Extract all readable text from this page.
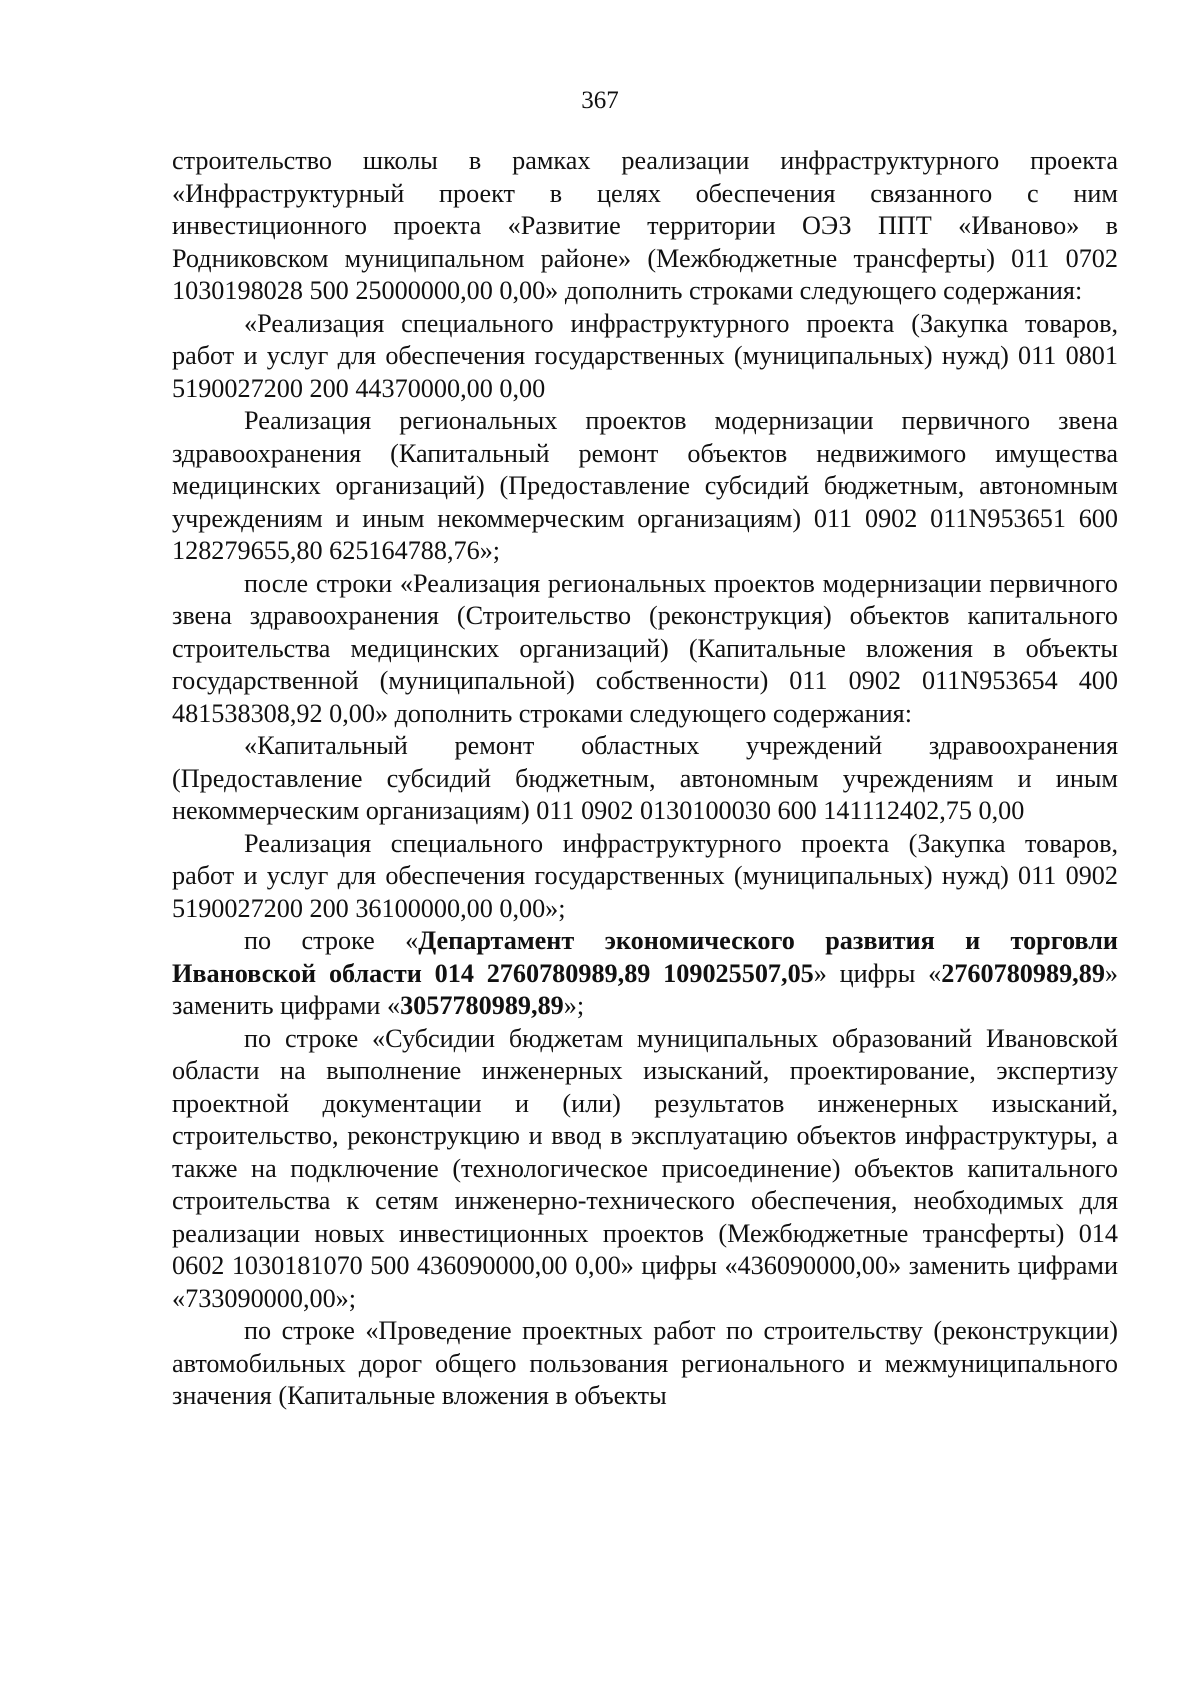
367

строительство школы в рамках реализации инфраструктурного проекта «Инфраструктурный проект в целях обеспечения связанного с ним инвестиционного проекта «Развитие территории ОЭЗ ППТ «Иваново» в Родниковском муниципальном районе» (Межбюджетные трансферты) 011 0702 1030198028 500 25000000,00 0,00» дополнить строками следующего содержания:

«Реализация специального инфраструктурного проекта (Закупка товаров, работ и услуг для обеспечения государственных (муниципальных) нужд) 011 0801 5190027200 200 44370000,00 0,00

Реализация региональных проектов модернизации первичного звена здравоохранения (Капитальный ремонт объектов недвижимого имущества медицинских организаций) (Предоставление субсидий бюджетным, автономным учреждениям и иным некоммерческим организациям) 011 0902 011N953651 600 128279655,80 625164788,76»;

после строки «Реализация региональных проектов модернизации первичного звена здравоохранения (Строительство (реконструкция) объектов капитального строительства медицинских организаций) (Капитальные вложения в объекты государственной (муниципальной) собственности) 011 0902 011N953654 400 481538308,92 0,00» дополнить строками следующего содержания:

«Капитальный ремонт областных учреждений здравоохранения (Предоставление субсидий бюджетным, автономным учреждениям и иным некоммерческим организациям) 011 0902 0130100030 600 141112402,75 0,00

Реализация специального инфраструктурного проекта (Закупка товаров, работ и услуг для обеспечения государственных (муниципальных) нужд) 011 0902 5190027200 200 36100000,00 0,00»;

по строке «Департамент экономического развития и торговли Ивановской области 014 2760780989,89 109025507,05» цифры «2760780989,89» заменить цифрами «3057780989,89»;

по строке «Субсидии бюджетам муниципальных образований Ивановской области на выполнение инженерных изысканий, проектирование, экспертизу проектной документации и (или) результатов инженерных изысканий, строительство, реконструкцию и ввод в эксплуатацию объектов инфраструктуры, а также на подключение (технологическое присоединение) объектов капитального строительства к сетям инженерно-технического обеспечения, необходимых для реализации новых инвестиционных проектов (Межбюджетные трансферты) 014 0602 1030181070 500 436090000,00 0,00» цифры «436090000,00» заменить цифрами «733090000,00»;

по строке «Проведение проектных работ по строительству (реконструкции) автомобильных дорог общего пользования регионального и межмуниципального значения (Капитальные вложения в объекты
